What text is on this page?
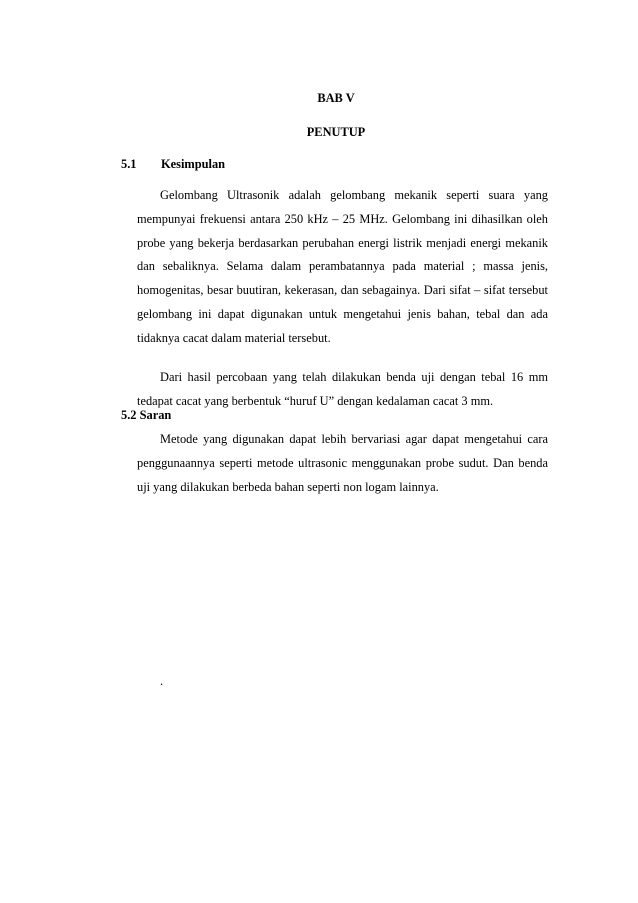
BAB V
PENUTUP
5.1 Kesimpulan

Gelombang Ultrasonik adalah gelombang mekanik seperti suara yang mempunyai frekuensi antara 250 kHz – 25 MHz. Gelombang ini dihasilkan oleh probe yang bekerja berdasarkan perubahan energi listrik menjadi energi mekanik dan sebaliknya. Selama dalam perambatannya pada material ; massa jenis, homogenitas, besar buutiran, kekerasan, dan sebagainya. Dari sifat – sifat tersebut gelombang ini dapat digunakan untuk mengetahui jenis bahan, tebal dan ada tidaknya cacat dalam material tersebut.

Dari hasil percobaan yang telah dilakukan benda uji dengan tebal 16 mm tedapat cacat yang berbentuk “huruf U” dengan kedalaman cacat 3 mm.

5.2 Saran

Metode yang digunakan dapat lebih bervariasi agar dapat mengetahui cara penggunaannya seperti metode ultrasonic menggunakan probe sudut. Dan benda uji yang dilakukan berbeda bahan seperti non logam lainnya.

.
